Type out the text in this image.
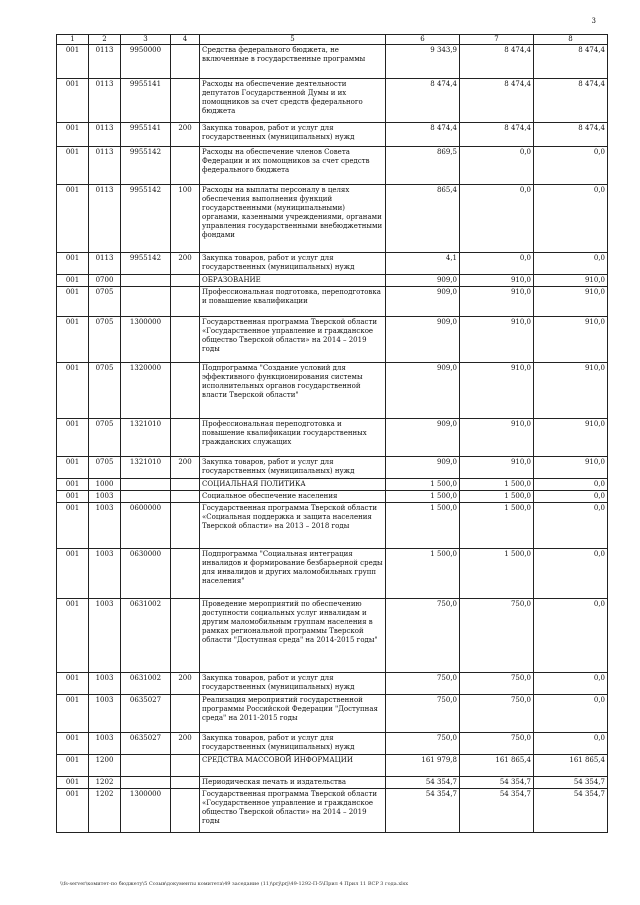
3
1	2	3	4	5	6	7	8
001	0113	9950000		Средства федерального бюджета, не включенные в государственные программы	9 343,9	8 474,4	8 474,4
001	0113	9955141		Расходы на обеспечение деятельности депутатов Государственной Думы и их помощников за счет средств федерального бюджета	8 474,4	8 474,4	8 474,4
001	0113	9955141	200	Закупка товаров, работ и услуг для государственных (муниципальных) нужд	8 474,4	8 474,4	8 474,4
001	0113	9955142		Расходы на обеспечение членов Совета Федерации и их помощников за счет средств федерального бюджета	869,5	0,0	0,0
001	0113	9955142	100	Расходы на выплаты персоналу в целях обеспечения выполнения функций государственными (муниципальными) органами, казенными учреждениями, органами управления государственными внебюджетными фондами	865,4	0,0	0,0
001	0113	9955142	200	Закупка товаров, работ и услуг для государственных (муниципальных) нужд	4,1	0,0	0,0
001	0700			ОБРАЗОВАНИЕ	909,0	910,0	910,0
001	0705			Профессиональная подготовка, переподготовка и повышение квалификации	909,0	910,0	910,0
001	0705	1300000		Государственная программа Тверской области «Государственное управление и гражданское общество Тверской области» на 2014 – 2019 годы	909,0	910,0	910,0
001	0705	1320000		Подпрограмма "Создание условий для эффективного функционирования системы исполнительных органов государственной власти Тверской области"	909,0	910,0	910,0
001	0705	1321010		Профессиональная переподготовка и повышение квалификации государственных гражданских служащих	909,0	910,0	910,0
001	0705	1321010	200	Закупка товаров, работ и услуг для государственных (муниципальных) нужд	909,0	910,0	910,0
001	1000			СОЦИАЛЬНАЯ ПОЛИТИКА	1 500,0	1 500,0	0,0
001	1003			Социальное обеспечение населения	1 500,0	1 500,0	0,0
001	1003	0600000		Государственная программа Тверской области «Социальная поддержка и защита населения Тверской области» на 2013 – 2018 годы	1 500,0	1 500,0	0,0
001	1003	0630000		Подпрограмма "Социальная интеграция инвалидов и формирование безбарьерной среды для инвалидов и других маломобильных групп населения"	1 500,0	1 500,0	0,0
001	1003	0631002		Проведение мероприятий по обеспечению доступности социальных услуг инвалидам и другим маломобильным группам населения в рамках региональной программы Тверской области "Доступная среда" на 2014-2015 годы"	750,0	750,0	0,0
001	1003	0631002	200	Закупка товаров, работ и услуг для государственных (муниципальных) нужд	750,0	750,0	0,0
001	1003	0635027		Реализация мероприятий государственной программы Российской Федерации "Доступная среда" на 2011-2015 годы	750,0	750,0	0,0
001	1003	0635027	200	Закупка товаров, работ и услуг для государственных (муниципальных) нужд	750,0	750,0	0,0
001	1200			СРЕДСТВА МАССОВОЙ ИНФОРМАЦИИ	161 979,8	161 865,4	161 865,4
001	1202			Периодическая печать и издательства	54 354,7	54 354,7	54 354,7
001	1202	1300000		Государственная программа Тверской области «Государственное управление и гражданское общество Тверской области» на 2014 – 2019 годы	54 354,7	54 354,7	54 354,7
\\fs-server\комитет-по бюджету\5 Созыв\документы комитета\49 заседание (11)\prj\prj\49-1292-П-5\Прил 4 Прил 11 ВСР 3 года.xlsx
